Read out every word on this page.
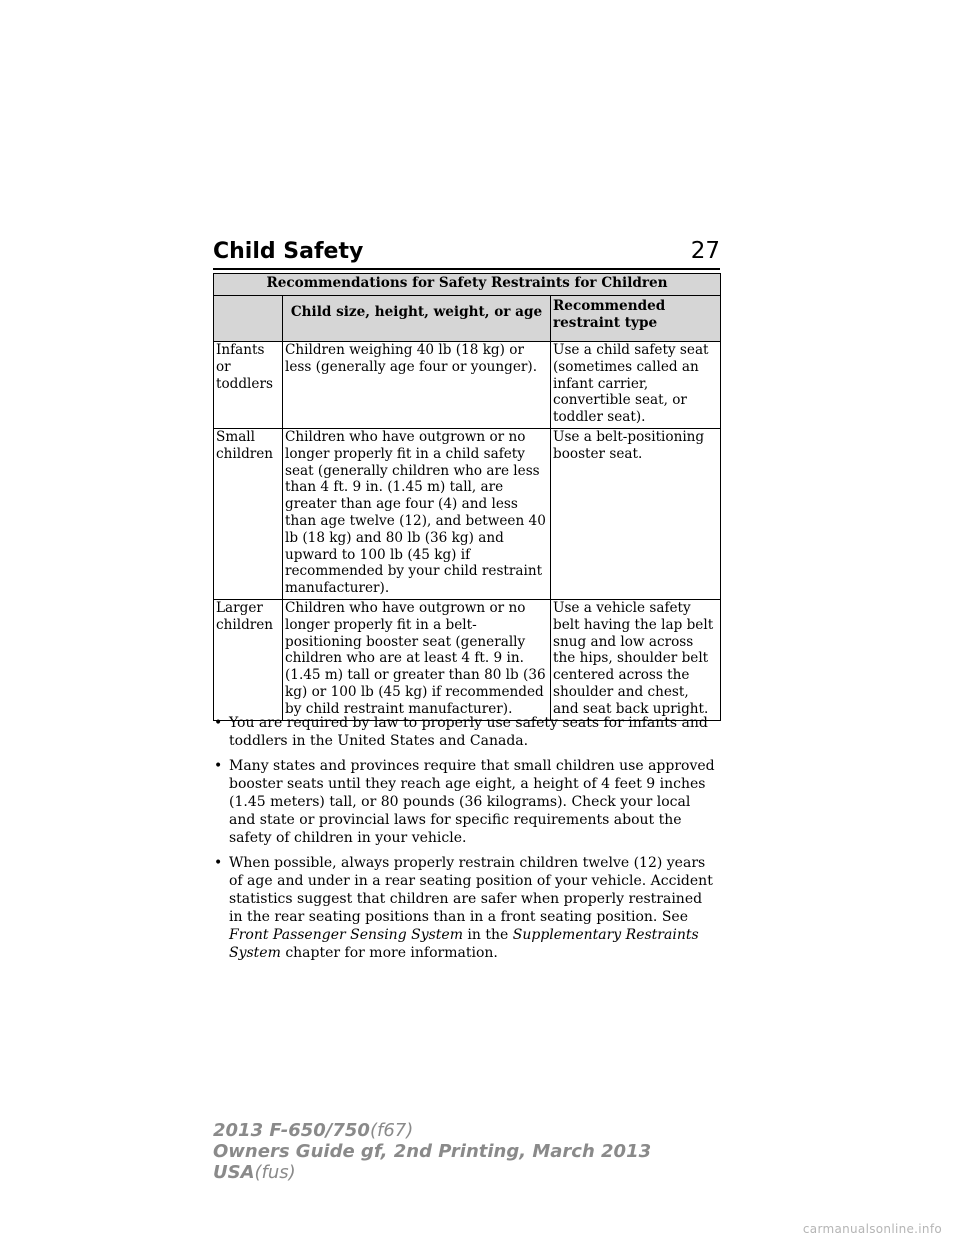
Child Safety	27
Recommendations for Safety Restraints for Children		
	Child size, height, weight, or age	Recommended restraint type
Infants or toddlers	Children weighing 40 lb (18 kg) or less (generally age four or younger).	Use a child safety seat (sometimes called an infant carrier, convertible seat, or toddler seat).
Small children	Children who have outgrown or no longer properly fit in a child safety seat (generally children who are less than 4 ft. 9 in. (1.45 m) tall, are greater than age four (4) and less than age twelve (12), and between 40 lb (18 kg) and 80 lb (36 kg) and upward to 100 lb (45 kg) if recommended by your child restraint manufacturer).	Use a belt-positioning booster seat.
Larger children	Children who have outgrown or no longer properly fit in a belt-positioning booster seat (generally children who are at least 4 ft. 9 in. (1.45 m) tall or greater than 80 lb (36 kg) or 100 lb (45 kg) if recommended by child restraint manufacturer).	Use a vehicle safety belt having the lap belt snug and low across the hips, shoulder belt centered across the shoulder and chest, and seat back upright.
• You are required by law to properly use safety seats for infants and toddlers in the United States and Canada.
• Many states and provinces require that small children use approved booster seats until they reach age eight, a height of 4 feet 9 inches (1.45 meters) tall, or 80 pounds (36 kilograms). Check your local and state or provincial laws for specific requirements about the safety of children in your vehicle.
• When possible, always properly restrain children twelve (12) years of age and under in a rear seating position of your vehicle. Accident statistics suggest that children are safer when properly restrained in the rear seating positions than in a front seating position. See Front Passenger Sensing System in the Supplementary Restraints System chapter for more information.
2013 F-650/750(f67)
Owners Guide gf, 2nd Printing, March 2013
USA(fus)
carmanualsonline.info
